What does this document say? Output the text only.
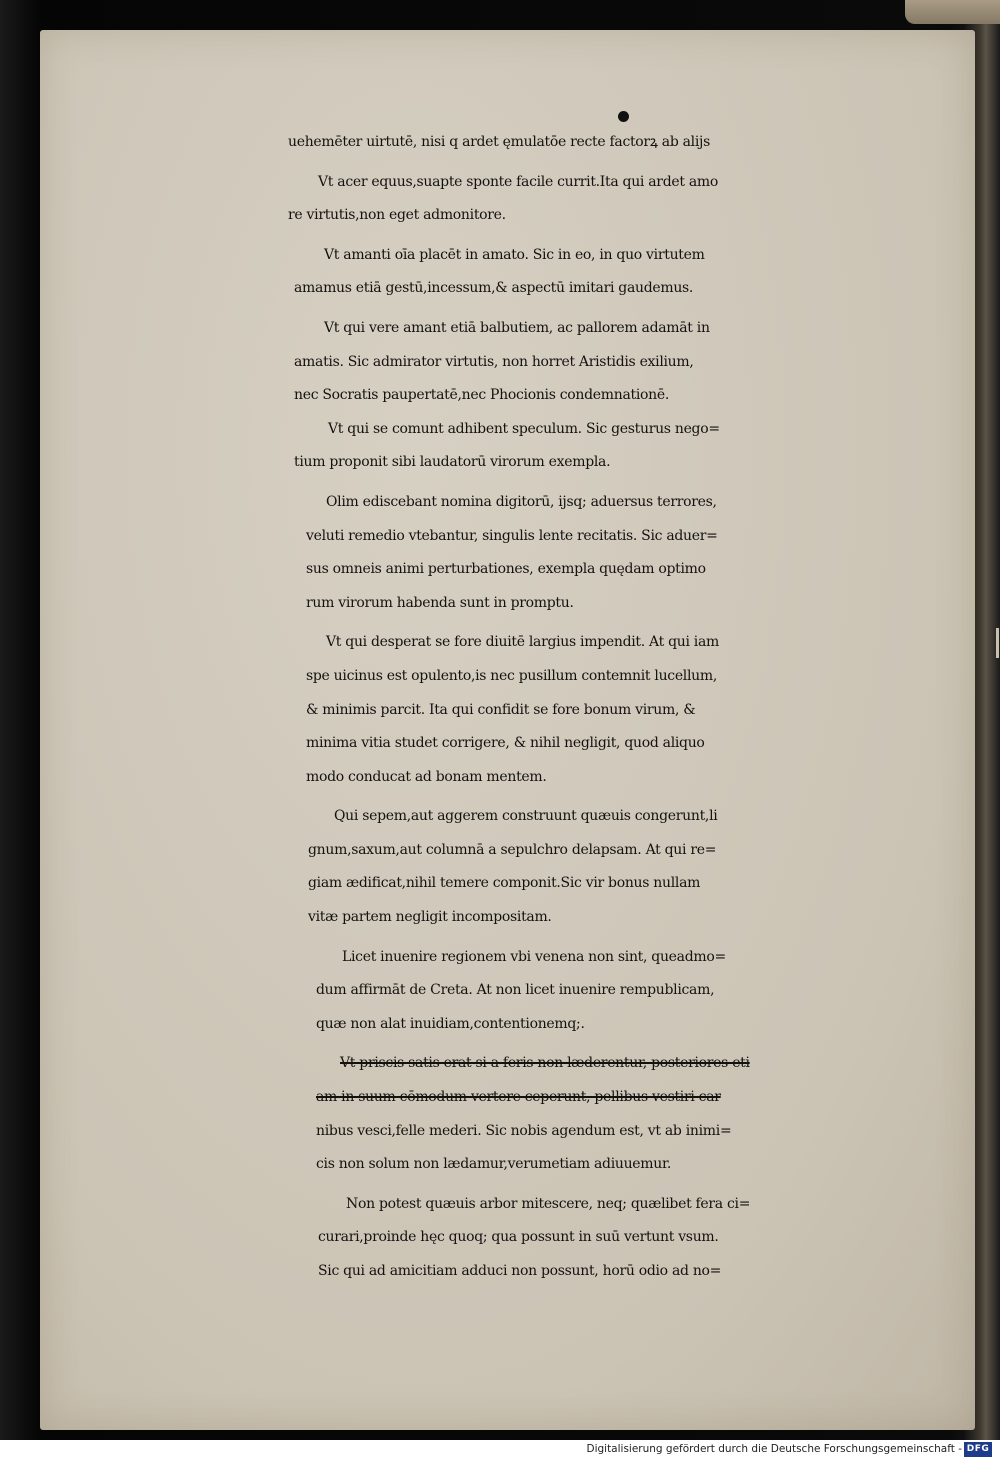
uehemēter uirtutē, nisi q ardet ęmulatōe recte factorꝝ ab alijs
Vt acer equus,suapte sponte facile currit.Ita qui ardet amo
re virtutis,non eget admonitore.
Vt amanti oīa placēt in amato. Sic in eo, in quo virtutem
amamus etiā gestū,incessum,& aspectū imitari gaudemus.
Vt qui vere amant etiā balbutiem, ac pallorem adamāt in
amatis. Sic admirator virtutis, non horret Aristidis exilium,
nec Socratis paupertatē,nec Phocionis condemnationē.
Vt qui se comunt adhibent speculum. Sic gesturus nego=
tium proponit sibi laudatorū virorum exempla.
Olim ediscebant nomina digitorū, ijsq; aduersus terrores,
veluti remedio vtebantur, singulis lente recitatis. Sic aduer=
sus omneis animi perturbationes, exempla quędam optimo
rum virorum habenda sunt in promptu.
Vt qui desperat se fore diuitē largius impendit. At qui iam
spe uicinus est opulento,is nec pusillum contemnit lucellum,
& minimis parcit. Ita qui confidit se fore bonum virum, &
minima vitia studet corrigere, & nihil negligit, quod aliquo
modo conducat ad bonam mentem.
Qui sepem,aut aggerem construunt quæuis congerunt,li
gnum,saxum,aut columnā a sepulchro delapsam. At qui re=
giam ædificat,nihil temere componit.Sic vir bonus nullam
vitæ partem negligit incompositam.
Licet inuenire regionem vbi venena non sint, queadmo=
dum affirmāt de Creta. At non licet inuenire rempublicam,
quæ non alat inuidiam,contentionemq;.
Vt priscis satis erat si a feris non læderentur, posteriores eti
am in suum cōmodum vertere ceperunt, pellibus vestiri car
nibus vesci,felle mederi. Sic nobis agendum est, vt ab inimi=
cis non solum non lædamur,verumetiam adiuuemur.
Non potest quæuis arbor mitescere, neq; quælibet fera ci=
curari,proinde hęc quoq; qua possunt in suū vertunt vsum.
Sic qui ad amicitiam adduci non possunt, horū odio ad no=
Digitalisierung gefördert durch die Deutsche Forschungsgemeinschaft - DFG
